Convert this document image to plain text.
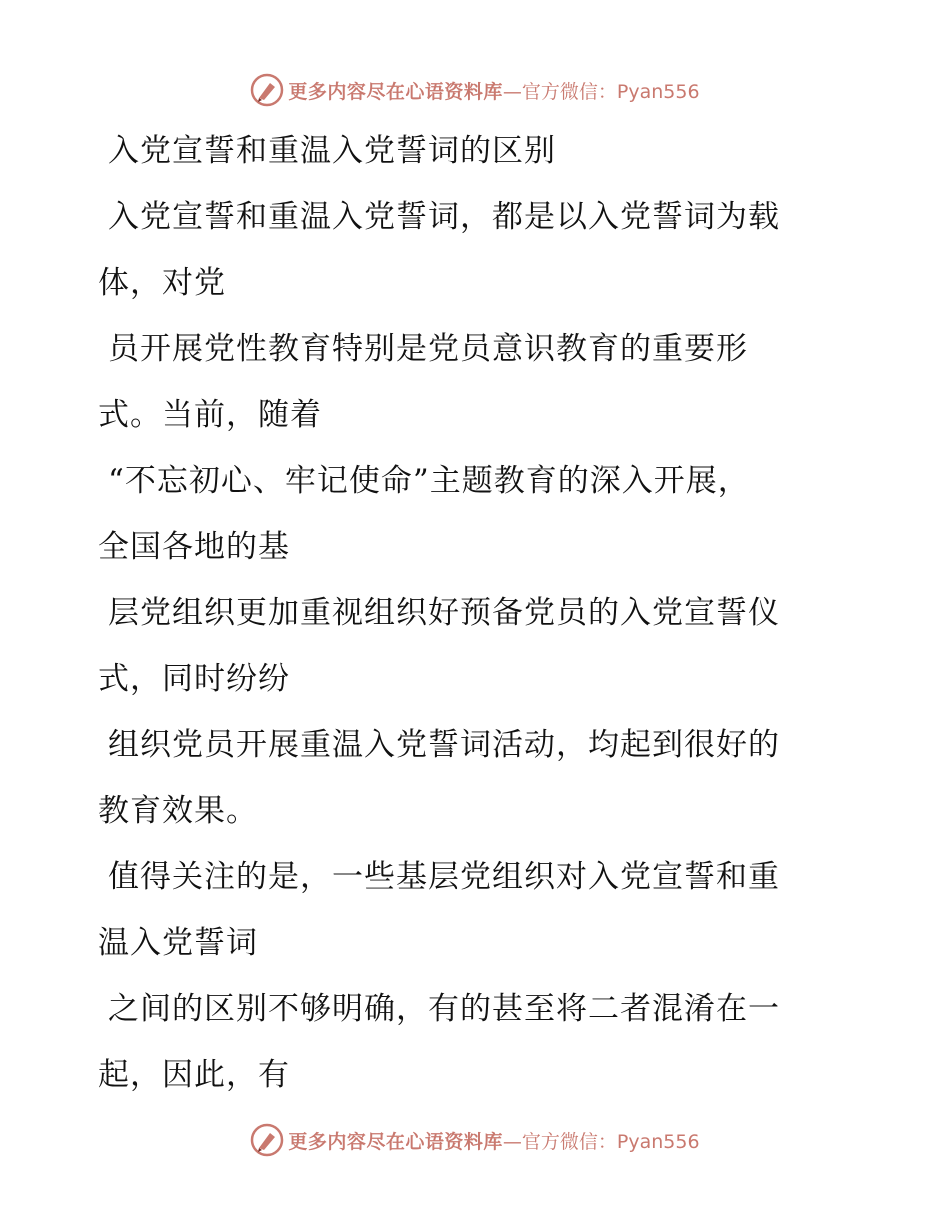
更多内容尽在心语资料库 —官方微信：Pyan556
入党宣誓和重温入党誓词的区别
入党宣誓和重温入党誓词，都是以入党誓词为载
体，对党
员开展党性教育特别是党员意识教育的重要形
式。当前，随着
“不忘初心、牢记使命”主题教育的深入开展，
全国各地的基
层党组织更加重视组织好预备党员的入党宣誓仪
式，同时纷纷
组织党员开展重温入党誓词活动，均起到很好的
教育效果。
值得关注的是，一些基层党组织对入党宣誓和重
温入党誓词
之间的区别不够明确，有的甚至将二者混淆在一
起，因此，有
更多内容尽在心语资料库 —官方微信：Pyan556
